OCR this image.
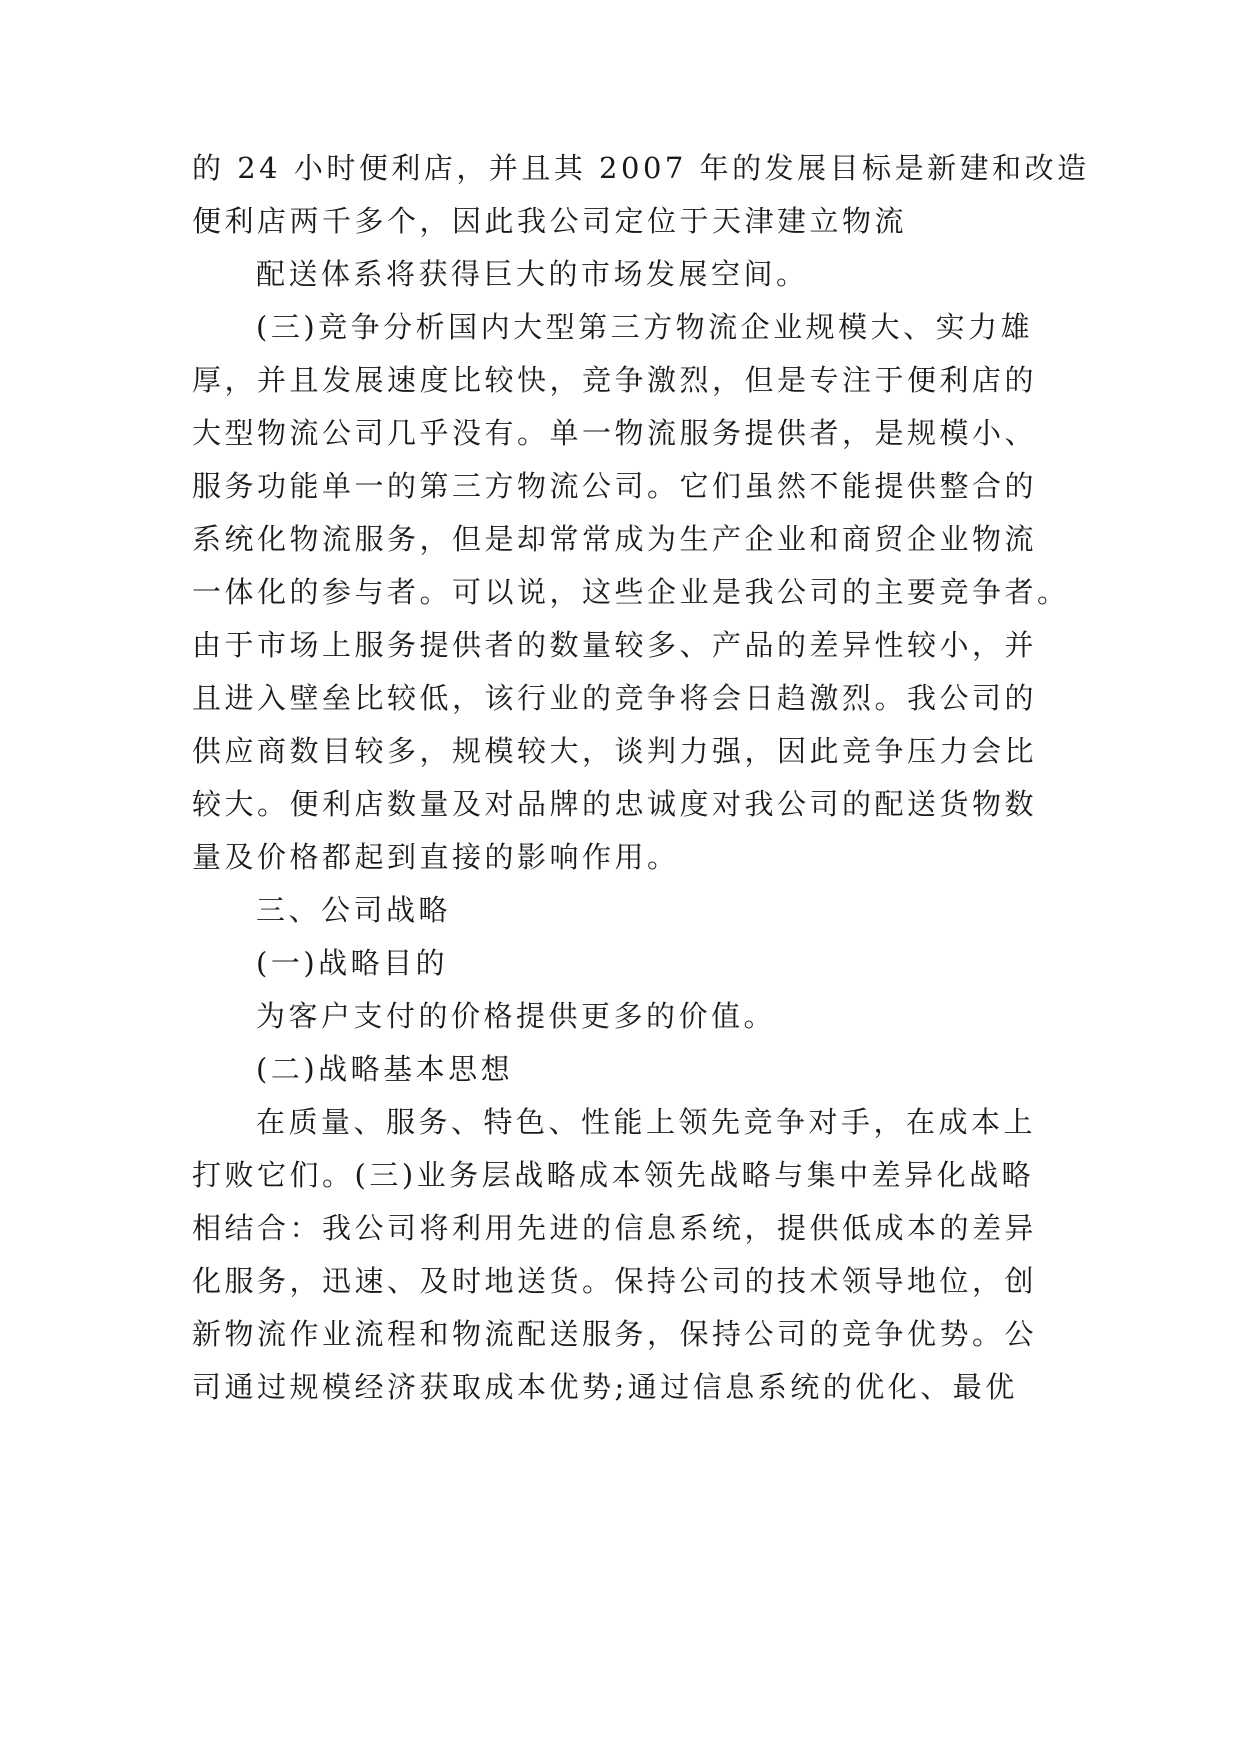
的 24 小时便利店，并且其 2007 年的发展目标是新建和改造
便利店两千多个，因此我公司定位于天津建立物流
配送体系将获得巨大的市场发展空间。
(三)竞争分析国内大型第三方物流企业规模大、实力雄
厚，并且发展速度比较快，竞争激烈，但是专注于便利店的
大型物流公司几乎没有。单一物流服务提供者，是规模小、
服务功能单一的第三方物流公司。它们虽然不能提供整合的
系统化物流服务，但是却常常成为生产企业和商贸企业物流
一体化的参与者。可以说，这些企业是我公司的主要竞争者。
由于市场上服务提供者的数量较多、产品的差异性较小，并
且进入壁垒比较低，该行业的竞争将会日趋激烈。我公司的
供应商数目较多，规模较大，谈判力强，因此竞争压力会比
较大。便利店数量及对品牌的忠诚度对我公司的配送货物数
量及价格都起到直接的影响作用。
三、公司战略
(一)战略目的
为客户支付的价格提供更多的价值。
(二)战略基本思想
在质量、服务、特色、性能上领先竞争对手，在成本上
打败它们。(三)业务层战略成本领先战略与集中差异化战略
相结合：我公司将利用先进的信息系统，提供低成本的差异
化服务，迅速、及时地送货。保持公司的技术领导地位，创
新物流作业流程和物流配送服务，保持公司的竞争优势。公
司通过规模经济获取成本优势;通过信息系统的优化、最优
